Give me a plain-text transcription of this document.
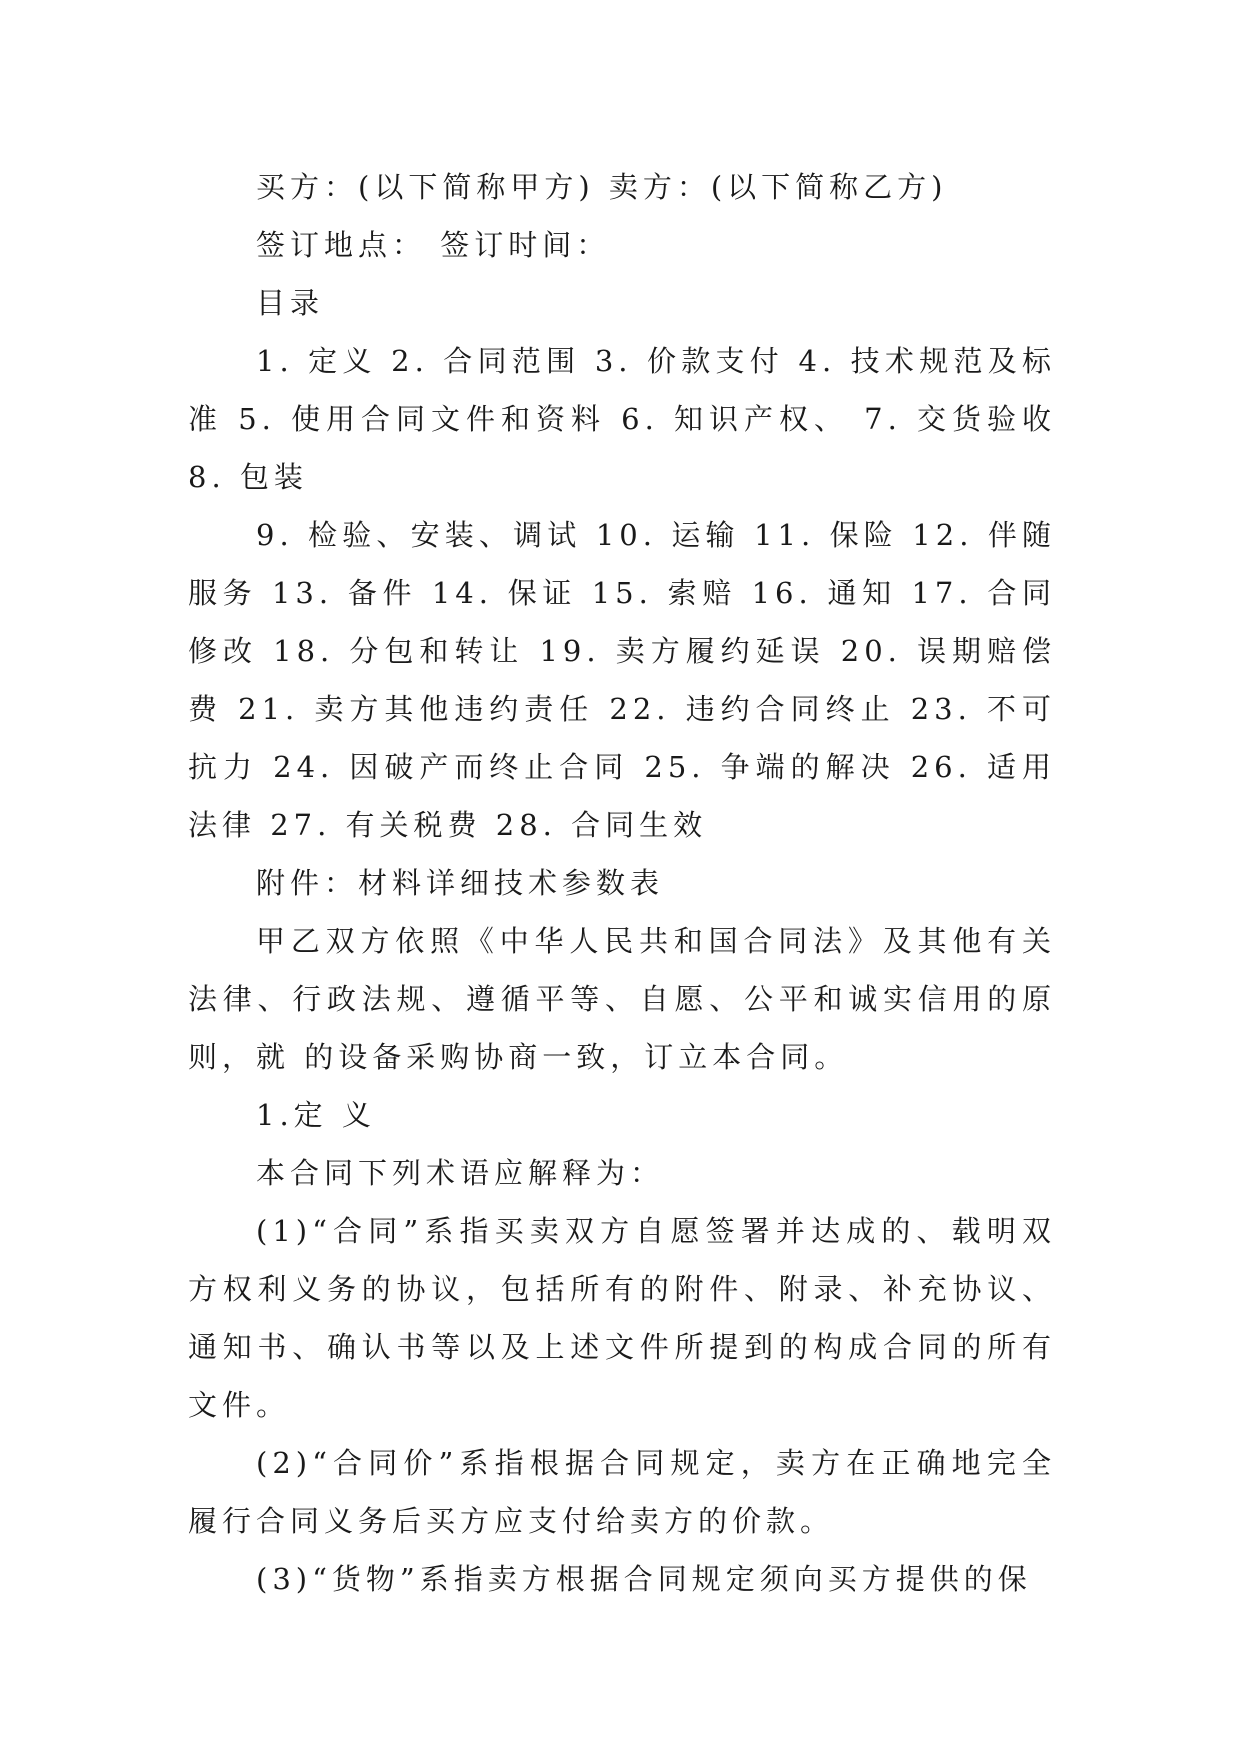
买方：(以下简称甲方) 卖方：(以下简称乙方)

签订地点： 签订时间：

目录

1. 定义 2. 合同范围 3. 价款支付 4. 技术规范及标准 5. 使用合同文件和资料 6. 知识产权、 7. 交货验收 8. 包装

9. 检验、安装、调试 10. 运输 11. 保险 12. 伴随服务 13. 备件 14. 保证 15. 索赔 16. 通知 17. 合同修改 18. 分包和转让 19. 卖方履约延误 20. 误期赔偿费 21. 卖方其他违约责任 22. 违约合同终止 23. 不可抗力 24. 因破产而终止合同 25. 争端的解决 26. 适用法律 27. 有关税费 28. 合同生效

附件：材料详细技术参数表

甲乙双方依照《中华人民共和国合同法》及其他有关法律、行政法规、遵循平等、自愿、公平和诚实信用的原则，就 的设备采购协商一致，订立本合同。

1.定 义

本合同下列术语应解释为：

(1)“合同”系指买卖双方自愿签署并达成的、载明双方权利义务的协议，包括所有的附件、附录、补充协议、通知书、确认书等以及上述文件所提到的构成合同的所有文件。

(2)“合同价”系指根据合同规定，卖方在正确地完全履行合同义务后买方应支付给卖方的价款。

(3)“货物”系指卖方根据合同规定须向买方提供的保
